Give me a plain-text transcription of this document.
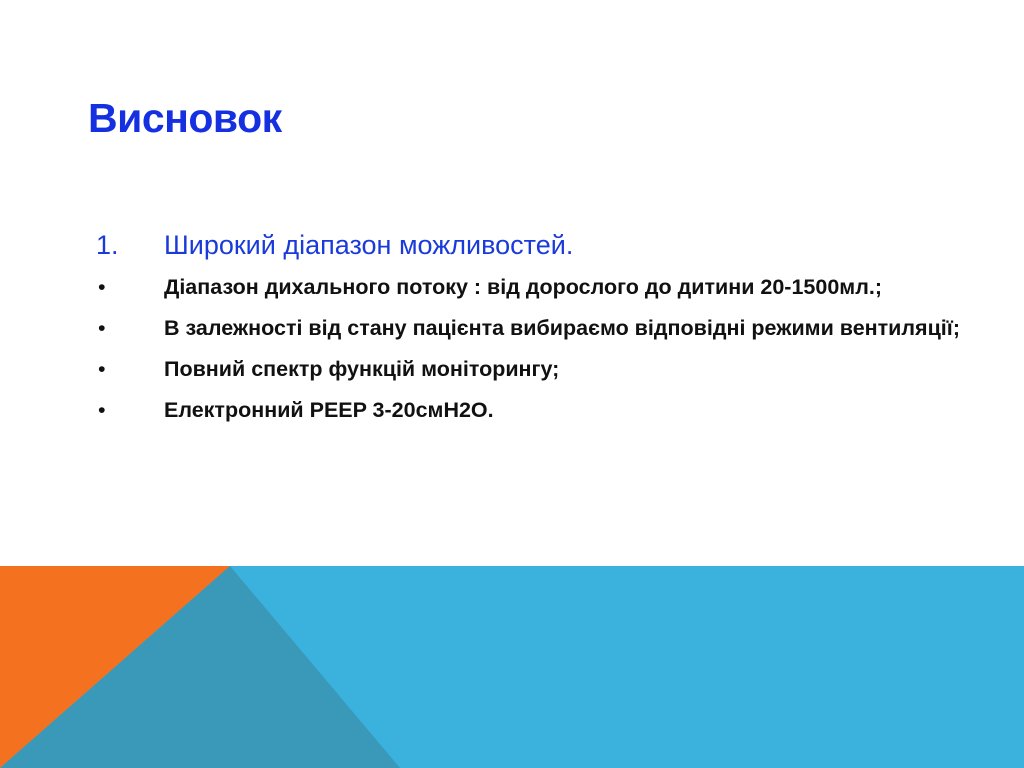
Висновок
1.	Широкий діапазон можливостей.
•	Діапазон дихального потоку : від дорослого до дитини 20-1500мл.;
•	В залежності від стану пацієнта вибираємо відповідні режими вентиляції;
•	Повний спектр функцій моніторингу;
•	Електронний PEEP 3-20смН2О.
